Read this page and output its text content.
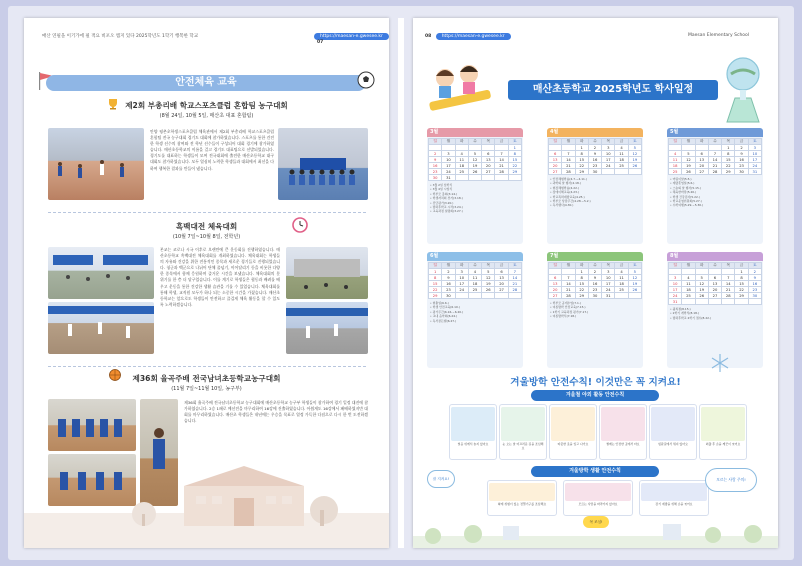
매산 연필을 이기가에 필 적요 비포오 엠지 있다 2025학년도 1학기 행복한 학교	https://maesan-e.gwesee.kr 07
안전체육 교육
제2회 부총리배 학교스포츠클럽 혼합팀 농구대회
(8월 24일, 10월 5일, 매산초 대표 혼합팀)
안양 평촌초학생스포츠클럽 체육관에서 제2회 부총리배 학교스포츠클럽 혼합팀 전국 농구대회 경기도 대회에 참가하였습니다. 스포츠를 통한 건전한 학생 선수의 참여와 전 학년 선수들이 구성되어 대회 경기에 참가하였습니다. 매산초등학교의 이름을 걸고 경기도 대표팀으로 선발되었습니다. 경기도를 대표하는 학생들이 모여 전국대회에 출전한 매산초등학교 대구 대회도 참가하였습니다. 모두 열심히 노력한 학생들과 대회에서 최선을 다하여 행복한 결과를 만들어 냈습니다.
흑백대전 체육대회
(10월 7일~10월 8일, 전학년)
본교는 코로나 시국 이후로 오랜만에 큰 운동회를 진행하였습니다. 매산초등학교 흑백대전 체육대회를 개최하였습니다. 체육대회는 학생들의 자유와 건강을 위한 전통적인 종목과 새로운 경기들로 진행되었습니다. 청군과 백군으로 나뉘어 단체 줄넘기, 이어달리기 등을 비롯한 다양한 종목에서 함께 응원하며 즐거운 시간을 보냈습니다. 체육대회의 분위기를 한 층 더 달구었습니다. 이를 계기로 학생들은 협동과 배려를 배우고 운동을 통한 건강한 생활 습관을 기를 수 있었습니다. 체육대회를 통해 학생, 교직원 모두가 하나 되는 소중한 시간을 가졌습니다. 매산초등학교는 앞으로도 학생들이 안전하고 즐겁게 체육 활동을 할 수 있도록 노력하겠습니다.
제36회 율곡주배 전국남녀초등학교농구대회
(11월 7일~11월 10일, 농구부)
제36회 율곡주배 전국남녀초등학교 농구대회에 매산초등학교 농구부 학생들이 참가하여 경기 일정 대진에 참가하였습니다. 2승 1패로 예선전을 마무리하여 16강에 진출하였습니다. 아쉽게도 16강에서 패배하였지만 대회를 마무리하였습니다. 매산초 학생들은 내년에는 우승을 목표로 열정 가득한 다짐으로 다시 한 번 도전하겠습니다.
08 https://maesan-e.gwesee.kr	Maesan Elementary School
매산초등학교 2025학년도 학사일정
3월
일	월	화	수	목	금	토
						1
2	3	4	5	6	7	8
9	10	11	12	13	14	15
16	17	18	19	20	21	22
23	24	25	26	27	28	29
30	31					
• 3월 2일 입학식
• 3월 4일 시업식
• 학부모 총회(3.14.)
• 학생자치회 선거(3.18.)
• 진단평가(3.20.)
• 방과후학교 시작(3.24.)
• 교육과정 설명회(3.27.)
4월
일	월	화	수	목	금	토
		1	2	3	4	5
6	7	8	9	10	11	12
13	14	15	16	17	18	19
20	21	22	23	24	25	26
27	28	29	30			
• 안전체험학습(4.7.~4.11.)
• 과학의 날 행사(4.18.)
• 현장체험학습(4.22.)
• 장애이해교육(4.23.)
• 학교폭력예방교육(4.25.)
• 학부모 상담주간(4.28.~5.2.)
• 독서행사(4.30.)
5월
일	월	화	수	목	금	토
				1	2	3
4	5	6	7	8	9	10
11	12	13	14	15	16	17
18	19	20	21	22	23	24
25	26	27	28	29	30	31
• 어린이날(5.5.)
• 재량휴업일(5.6.)
• 스승의 날 행사(5.15.)
• 체육한마당(5.20.)
• 학생 건강검사(5.22.)
• 학교운영위원회(5.27.)
• 수학여행(5.29.~5.30.)
6월
일	월	화	수	목	금	토
1	2	3	4	5	6	7
8	9	10	11	12	13	14
15	16	17	18	19	20	21
22	23	24	25	26	27	28
29	30					
• 현충일(6.6.)
• 학생 안전교육(6.10.)
• 평가주간(6.16.~6.20.)
• 교내 음악회(6.24.)
• 독서골든벨(6.27.)
7월
일	월	화	수	목	금	토
		1	2	3	4	5
6	7	8	9	10	11	12
13	14	15	16	17	18	19
20	21	22	23	24	25	26
27	28	29	30	31		
• 학부모 공개수업(7.1.)
• 여름방학 안전교육(7.15.)
• 1학기 교육과정 평가(7.17.)
• 여름방학식(7.18.)
8월
일	월	화	수	목	금	토
					1	2
3	4	5	6	7	8	9
10	11	12	13	14	15	16
17	18	19	20	21	22	23
24	25	26	27	28	29	30
31						
• 광복절(8.15.)
• 2학기 개학식(8.18.)
• 방과후학교 2학기 접수(8.22.)
겨울방학 안전수칙! 이것만은 꼭 지켜요!
겨울철 야외 활동 안전수칙
얼음 위에서 놀지 않아요	눈 오는 날 미끄러운 길을 조심해요
따뜻한 옷을 입고 나가요	썰매는 안전한 곳에서 타요	빙판길에서 뛰지 않아요	외출 후 손을 깨끗이 씻어요
겨울방학 생활 안전수칙
화재 위험이 있는 전열기구를 조심해요	모르는 사람을 따라가지 않아요	감기 예방을 위해 손을 씻어요
잘 지켜요!	모르는 사람 주의!
꼭 조심!
